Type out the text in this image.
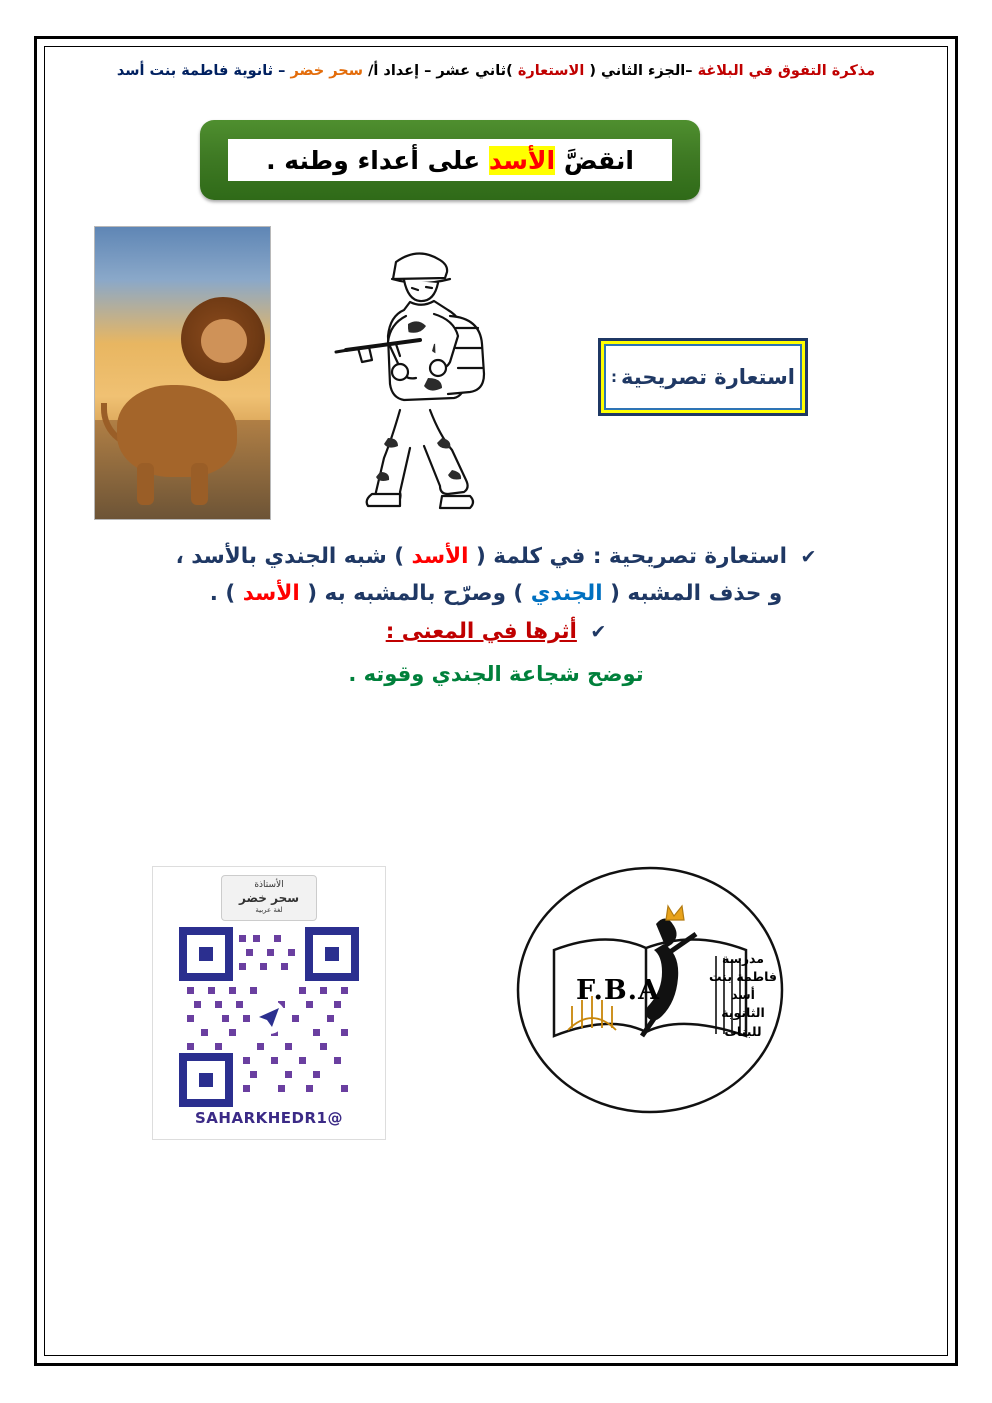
مذكرة التفوق في البلاغة –الجزء الثاني ( الاستعارة )ثاني عشر – إعداد أ/ سحر خضر – ثانوية فاطمة بنت أسد
انقضَّ

الأسد

على أعداء وطنه .
استعارة تصريحية
:

✔ استعارة تصريحية : في كلمة ( الأسد ) شبه الجندي بالأسد ،

و حذف المشبه ( الجندي ) وصرّح بالمشبه به ( الأسد ) .

✔ أثرها في المعنى :

توضح شجاعة الجندي وقوته .

الأستاذة
سحر خضر
لغة عربية
@SAHARKHEDR1
F.B.A
مدرسة
فاطمة بنت
أسد
الثانوية
للبنات
